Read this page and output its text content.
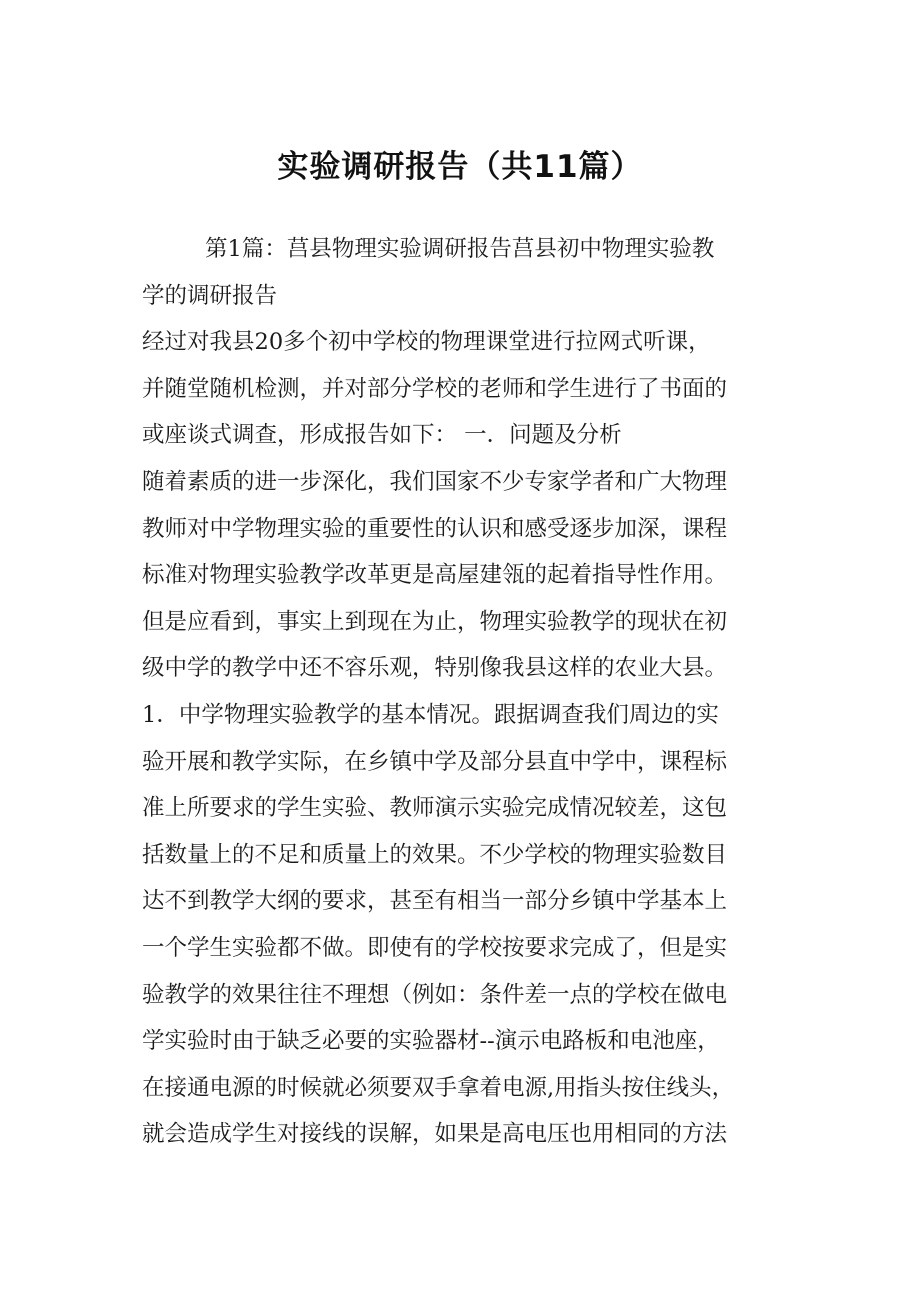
实验调研报告（共11篇）
第1篇：莒县物理实验调研报告莒县初中物理实验教
学的调研报告
经过对我县20多个初中学校的物理课堂进行拉网式听课，
并随堂随机检测，并对部分学校的老师和学生进行了书面的
或座谈式调查，形成报告如下： 一．问题及分析
随着素质的进一步深化，我们国家不少专家学者和广大物理
教师对中学物理实验的重要性的认识和感受逐步加深，课程
标准对物理实验教学改革更是高屋建瓴的起着指导性作用。
但是应看到，事实上到现在为止，物理实验教学的现状在初
级中学的教学中还不容乐观，特别像我县这样的农业大县。
1．中学物理实验教学的基本情况。跟据调查我们周边的实
验开展和教学实际，在乡镇中学及部分县直中学中，课程标
准上所要求的学生实验、教师演示实验完成情况较差，这包
括数量上的不足和质量上的效果。不少学校的物理实验数目
达不到教学大纲的要求，甚至有相当一部分乡镇中学基本上
一个学生实验都不做。即使有的学校按要求完成了，但是实
验教学的效果往往不理想（例如：条件差一点的学校在做电
学实验时由于缺乏必要的实验器材--演示电路板和电池座，
在接通电源的时候就必须要双手拿着电源,用指头按住线头，
就会造成学生对接线的误解，如果是高电压也用相同的方法
